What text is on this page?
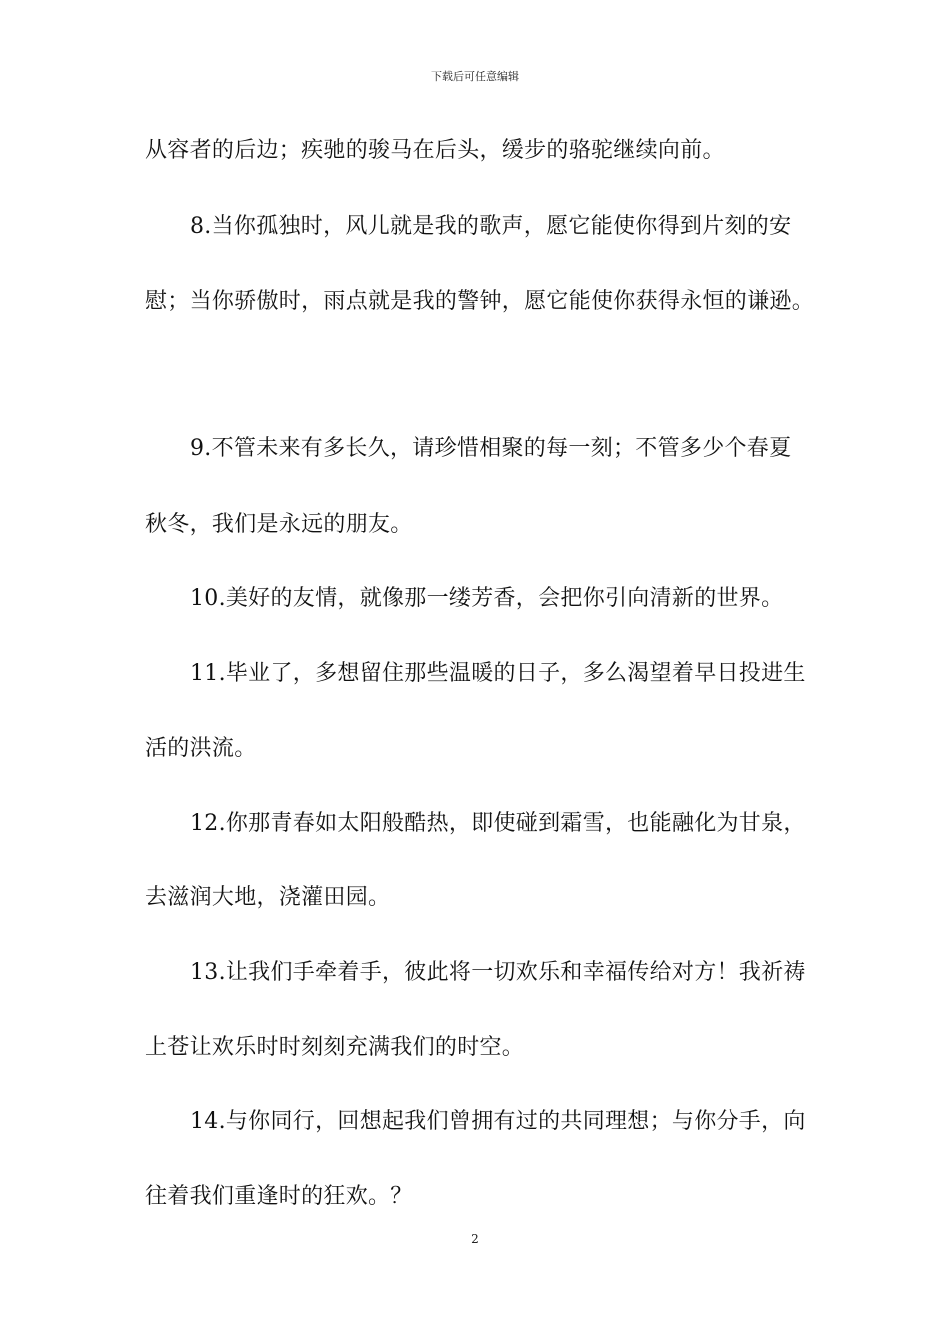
下载后可任意编辑
从容者的后边；疾驰的骏马在后头，缓步的骆驼继续向前。
8.当你孤独时，风儿就是我的歌声，愿它能使你得到片刻的安
慰；当你骄傲时，雨点就是我的警钟，愿它能使你获得永恒的谦逊。
9.不管未来有多长久，请珍惜相聚的每一刻；不管多少个春夏
秋冬，我们是永远的朋友。
10.美好的友情，就像那一缕芳香，会把你引向清新的世界。
11.毕业了，多想留住那些温暖的日子，多么渴望着早日投进生
活的洪流。
12.你那青春如太阳般酷热，即使碰到霜雪，也能融化为甘泉，
去滋润大地，浇灌田园。
13.让我们手牵着手，彼此将一切欢乐和幸福传给对方！我祈祷
上苍让欢乐时时刻刻充满我们的时空。
14.与你同行，回想起我们曾拥有过的共同理想；与你分手，向
往着我们重逢时的狂欢。？
2
